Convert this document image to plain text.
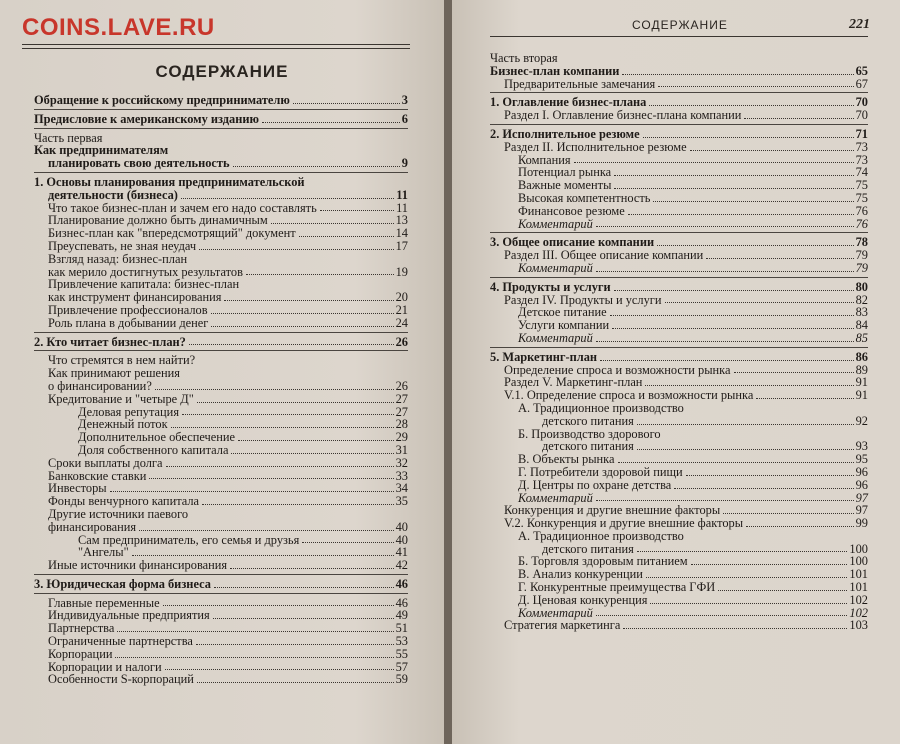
COINS.LAVE.RU
СОДЕРЖАНИЕ
Обращение к российскому предпринимателю	3
Предисловие к американскому изданию	6
Часть первая
Как предпринимателям
планировать свою деятельность	9
1. Основы планирования предпринимательской
деятельности (бизнеса)	11
Что такое бизнес-план и зачем его надо составлять	11
Планирование должно быть динамичным	13
Бизнес-план как "впередсмотрящий" документ	14
Преуспевать, не зная неудач	17
Взгляд назад: бизнес-план
как мерило достигнутых результатов	19
Привлечение капитала: бизнес-план
как инструмент финансирования	20
Привлечение профессионалов	21
Роль плана в добывании денег	24
2. Кто читает бизнес-план?	26
Что стремятся в нем найти?
Как принимают решения
о финансировании?	26
Кредитование и "четыре Д"	27
Деловая репутация	27
Денежный поток	28
Дополнительное обеспечение	29
Доля собственного капитала	31
Сроки выплаты долга	32
Банковские ставки	33
Инвесторы	34
Фонды венчурного капитала	35
Другие источники паевого
финансирования	40
Сам предприниматель, его семья и друзья	40
"Ангелы"	41
Иные источники финансирования	42
3. Юридическая форма бизнеса	46
Главные переменные	46
Индивидуальные предприятия	49
Партнерства	51
Ограниченные партнерства	53
Корпорации	55
Корпорации и налоги	57
Особенности S-корпораций	59
СОДЕРЖАНИЕ	221
Часть вторая
Бизнес-план компании	65
Предварительные замечания	67
1. Оглавление бизнес-плана	70
Раздел I. Оглавление бизнес-плана компании	70
2. Исполнительное резюме	71
Раздел II. Исполнительное резюме	73
Компания	73
Потенциал рынка	74
Важные моменты	75
Высокая компетентность	75
Финансовое резюме	76
Комментарий	76
3. Общее описание компании	78
Раздел III. Общее описание компании	79
Комментарий	79
4. Продукты и услуги	80
Раздел IV. Продукты и услуги	82
Детское питание	83
Услуги компании	84
Комментарий	85
5. Маркетинг-план	86
Определение спроса и возможности рынка	89
Раздел V. Маркетинг-план	91
V.1. Определение спроса и возможности рынка	91
А. Традиционное производство
детского питания	92
Б. Производство здорового
детского питания	93
В. Объекты рынка	95
Г. Потребители здоровой пищи	96
Д. Центры по охране детства	96
Комментарий	97
Конкуренция и другие внешние факторы	97
V.2. Конкуренция и другие внешние факторы	99
А. Традиционное производство
детского питания	100
Б. Торговля здоровым питанием	100
В. Анализ конкуренции	101
Г. Конкурентные преимущества ГФИ	101
Д. Ценовая конкуренция	102
Комментарий	102
Стратегия маркетинга	103
